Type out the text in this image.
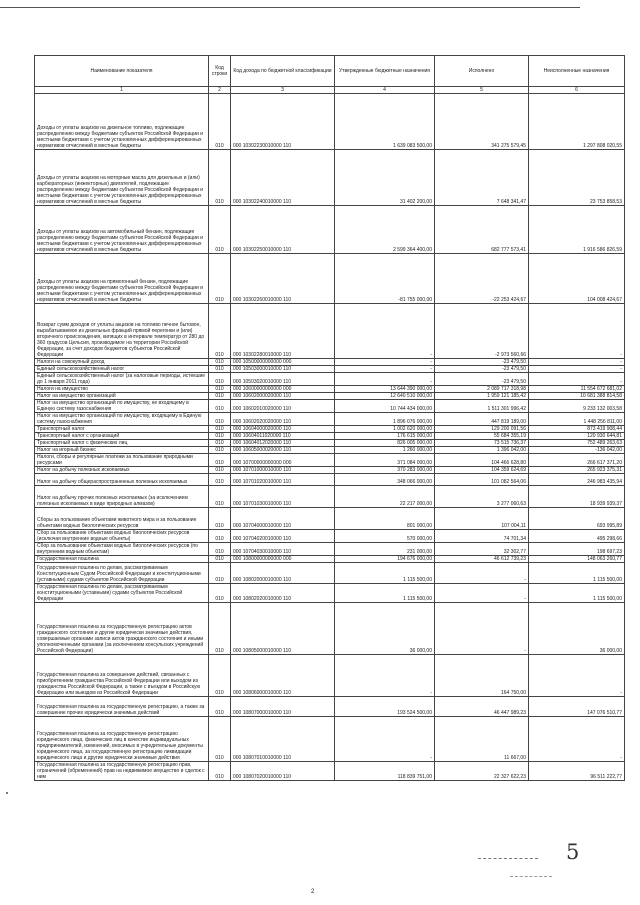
Наименование показателя	Код строки	Код дохода по бюджетной классификации	Утвержденные бюджетные назначения	Исполнено	Неисполненные назначения
1	2	3	4	5	6
Доходы от уплаты акцизов на дизельное топливо, подлежащие распределению между бюджетами субъектов Российской Федерации и местными бюджетами с учетом установленных дифференцированных нормативов отчислений в местные бюджеты	010	000 10302230010000 110	1 639 083 500,00	341 275 579,45	1 297 808 020,55
Доходы от уплаты акцизов на моторные масла для дизельных и (или) карбюраторных (инжекторных) двигателей, подлежащие распределению между бюджетами субъектов Российской Федерации и местными бюджетами с учетом установленных дифференцированных нормативов отчислений в местные бюджеты	010	000 10302240010000 110	31 402 200,00	7 648 341,47	23 753 858,53
Доходы от уплаты акцизов на автомобильный бензин, подлежащие распределению между бюджетами субъектов Российской Федерации и местными бюджетами с учетом установленных дифференцированных нормативов отчислений в местные бюджеты	010	000 10302250010000 110	2 599 364 400,00	682 777 573,41	1 916 586 826,59
Доходы от уплаты акцизов на прямогонный бензин, подлежащие распределению между бюджетами субъектов Российской Федерации и местными бюджетами с учетом установленных дифференцированных нормативов отчислений в местные бюджеты	010	000 10302260010000 110	-81 755 000,00	-22 253 424,67	104 008 424,67
Возврат сумм доходов от уплаты акцизов на топливо печное бытовое, вырабатываемое из дизельных фракций прямой перегонки и (или) вторичного происхождения, кипящих в интервале температур от 280 до 360 градусов Цельсия, производимое на территории Российской Федерации, за счет доходов бюджетов субъектов Российской Федерации	010	000 10302280010000 110	-	-2 973 560,66	-
Налоги на совокупный доход	010	000 10500000000000 000	-	-23 479,50	-
Единый сельскохозяйственный налог	010	000 10503000010000 110	-	-23 479,50	-
Единый сельскохозяйственный налог (за налоговые периоды, истекшие до 1 января 2011 года)	010	000 10503020010000 110	-	-23 479,50	-
Налоги на имущество	010	000 10600000000000 000	13 644 390 000,00	2 089 717 318,98	11 554 672 681,02
Налог на имущество организаций	010	000 10602000020000 110	12 640 510 000,00	1 959 121 185,42	10 681 388 814,58
Налог на имущество организаций по имуществу, не входящему в Единую систему газоснабжения	010	000 10602010020000 110	10 744 434 000,00	1 511 301 996,42	9 233 132 003,58
Налог на имущество организаций по имуществу, входящему в Единую систему газоснабжения	010	000 10602020020000 110	1 896 076 000,00	447 819 189,00	1 448 256 811,00
Транспортный налог	010	000 10604000020000 110	1 002 620 000,00	129 200 091,56	873 419 908,44
Транспортный налог с организаций	010	000 10604011020000 110	176 615 000,00	55 684 355,19	120 930 644,81
Транспортный налог с физических лиц	010	000 10604012020000 110	826 005 000,00	73 515 736,37	752 489 263,63
Налог на игорный бизнес	010	000 10605000020000 110	1 260 000,00	1 396 042,00	-136 042,00
Налоги, сборы и регулярные платежи за пользование природными ресурсами	010	000 10700000000000 000	371 084 000,00	104 466 628,80	266 617 371,20
Налог на добычу полезных ископаемых	010	000 10701000010000 110	370 283 000,00	104 359 624,69	265 923 375,31
Налог на добычу общераспространенных полезных ископаемых	010	000 10701020010000 110	348 066 000,00	101 082 564,06	246 983 435,94
Налог на добычу прочих полезных ископаемых (за исключением полезных ископаемых в виде природных алмазов)	010	000 10701030010000 110	22 217 000,00	3 277 060,63	18 939 939,37
Сборы за пользование объектами животного мира и за пользование объектами водных биологических ресурсов	010	000 10704000010000 110	801 000,00	107 004,11	693 995,89
Сбор за пользование объектами водных биологических ресурсов (исключая внутренние водные объекты)	010	000 10704020010000 110	570 000,00	74 701,34	495 298,66
Сбор за пользование объектами водных биологических ресурсов (по внутренним водным объектам)	010	000 10704030010000 110	231 000,00	32 302,77	198 697,23
Государственная пошлина	010	000 10800000000000 000	194 676 000,00	46 612 739,23	148 063 260,77
Государственная пошлина по делам, рассматриваемым Конституционным Судом Российской Федерации и конституционными (уставными) судами субъектов Российской Федерации	010	000 10802000010000 110	1 115 500,00	-	1 115 500,00
Государственная пошлина по делам, рассматриваемым конституционными (уставными) судами субъектов Российской Федерации	010	000 10802020010000 110	1 115 500,00	-	1 115 500,00
Государственная пошлина за государственную регистрацию актов гражданского состояния и другие юридически значимые действия, совершаемые органами записи актов гражданского состояния и иными уполномоченными органами (за исключением консульских учреждений Российской Федерации)	010	000 10805000010000 110	36 000,00	-	36 000,00
Государственная пошлина за совершение действий, связанных с приобретением гражданства Российской Федерации или выходом из гражданства Российской Федерации, а также с въездом в Российскую Федерацию или выездом из Российской Федерации	010	000 10806000010000 110	-	164 750,00	-
Государственная пошлина за государственную регистрацию, а также за совершение прочих юридически значимых действий	010	000 10807000010000 110	193 524 500,00	46 447 989,23	147 076 510,77
Государственная пошлина за государственную регистрацию юридического лица, физических лиц в качестве индивидуальных предпринимателей, изменений, вносимых в учредительные документы юридического лица, за государственную регистрацию ликвидации юридического лица и другие юридически значимые действия	010	000 10807010010000 110	-	11 667,00	-
Государственная пошлина за государственную регистрацию прав, ограничений (обременений) прав на недвижимое имущество и сделок с ним	010	000 10807020010000 110	118 839 751,00	22 327 622,23	96 511 222,77
2
5
